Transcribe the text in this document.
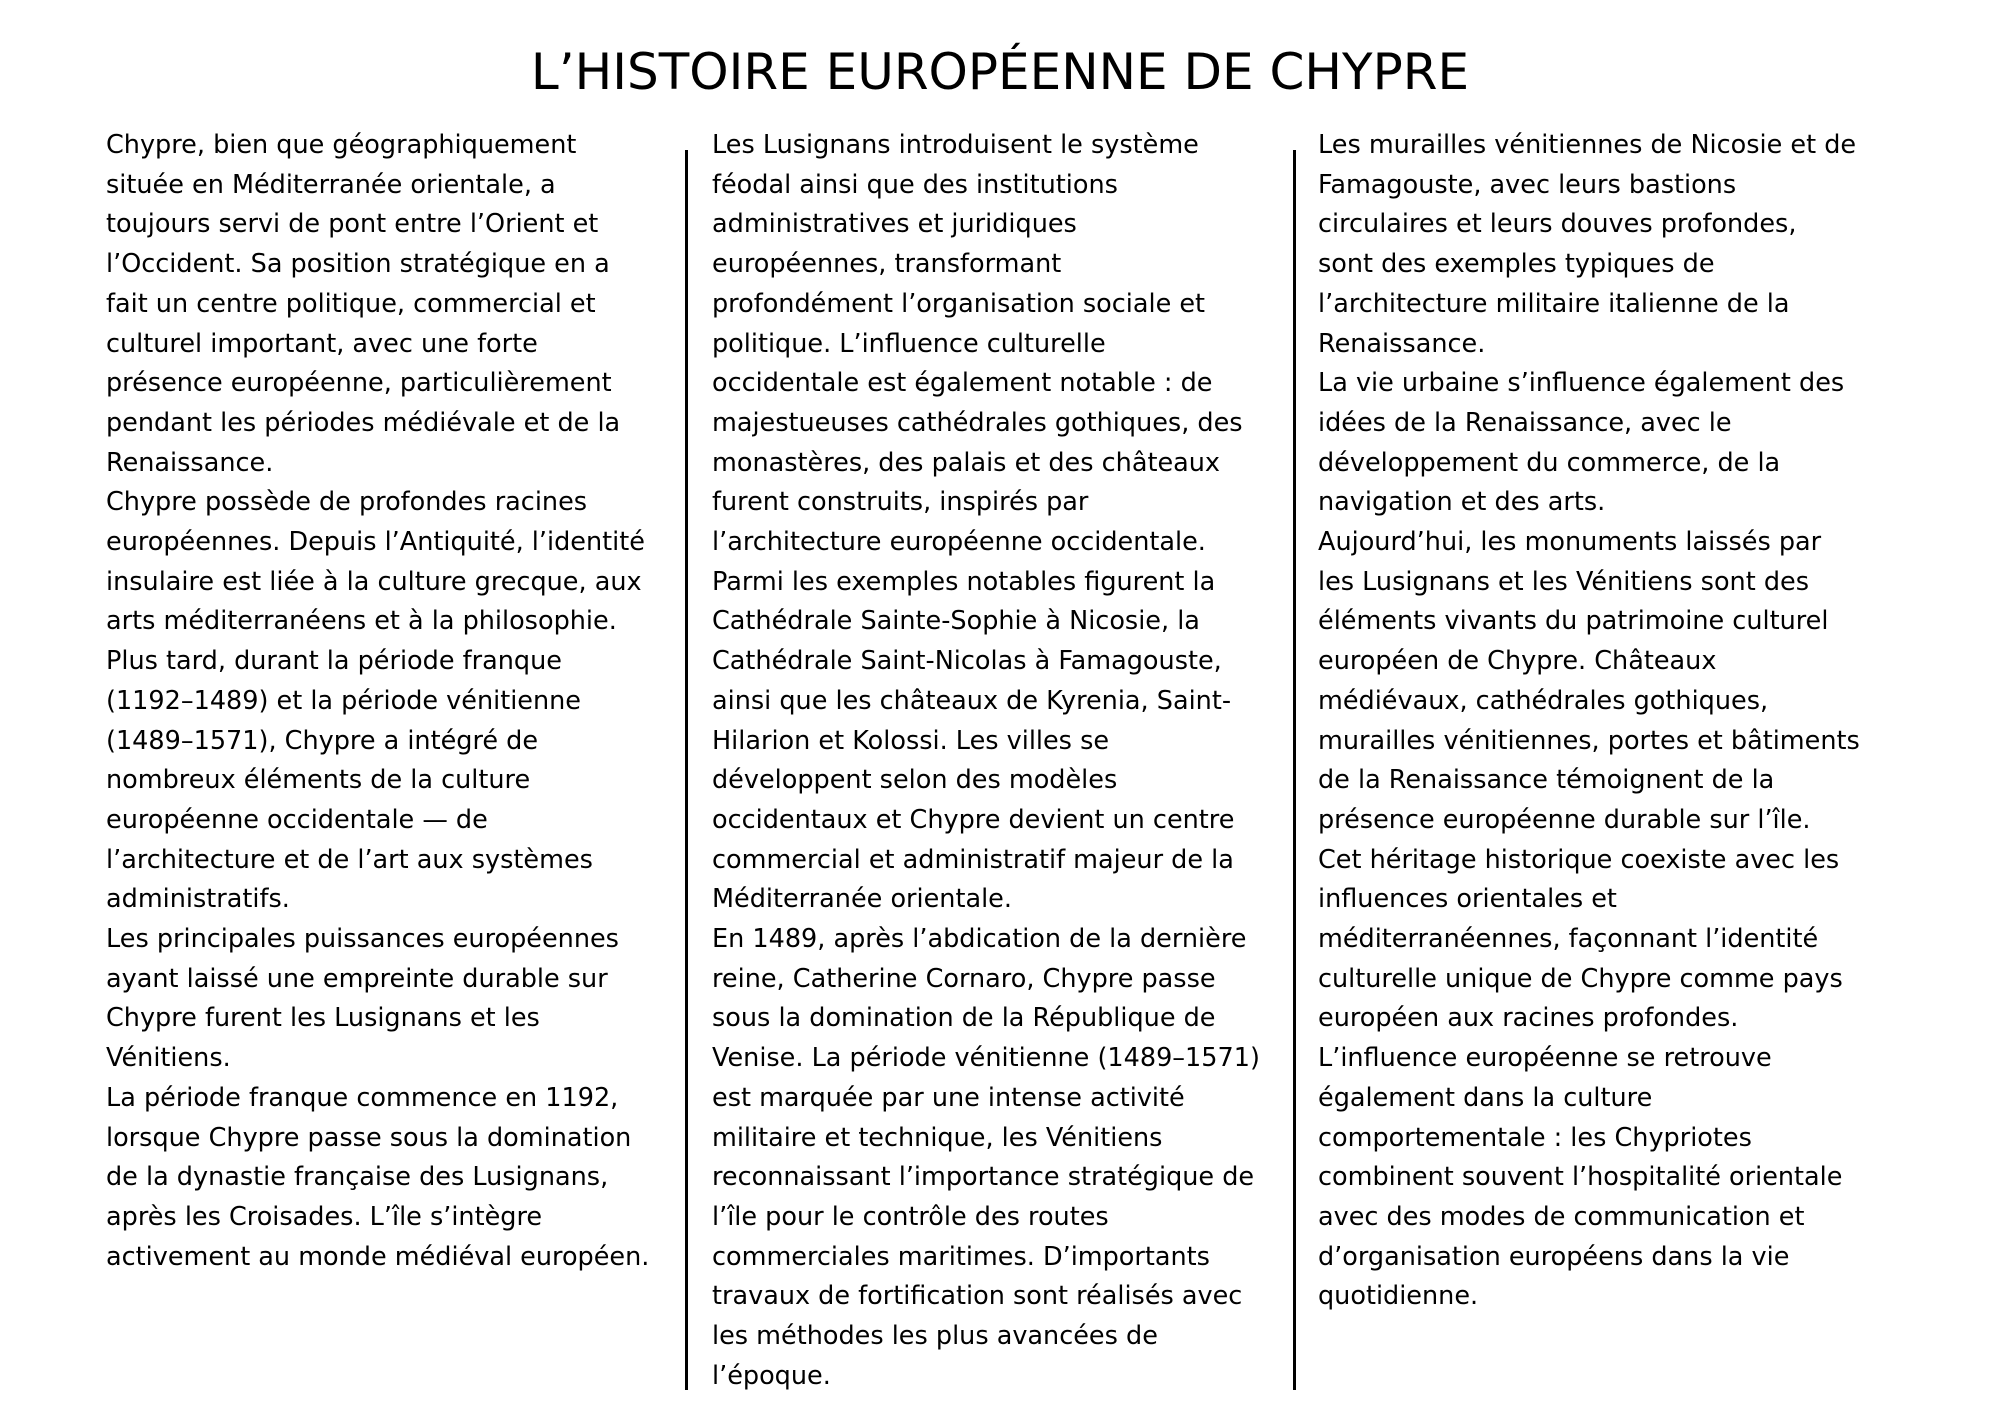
L’HISTOIRE EUROPÉENNE DE CHYPRE
Chypre, bien que géographiquement
située en Méditerranée orientale, a
toujours servi de pont entre l’Orient et
l’Occident. Sa position stratégique en a
fait un centre politique, commercial et
culturel important, avec une forte
présence européenne, particulièrement
pendant les périodes médiévale et de la
Renaissance.
Chypre possède de profondes racines
européennes. Depuis l’Antiquité, l’identité
insulaire est liée à la culture grecque, aux
arts méditerranéens et à la philosophie.
Plus tard, durant la période franque
(1192–1489) et la période vénitienne
(1489–1571), Chypre a intégré de
nombreux éléments de la culture
européenne occidentale — de
l’architecture et de l’art aux systèmes
administratifs.
Les principales puissances européennes
ayant laissé une empreinte durable sur
Chypre furent les Lusignans et les
Vénitiens.
La période franque commence en 1192,
lorsque Chypre passe sous la domination
de la dynastie française des Lusignans,
après les Croisades. L’île s’intègre
activement au monde médiéval européen.
Les Lusignans introduisent le système
féodal ainsi que des institutions
administratives et juridiques
européennes, transformant
profondément l’organisation sociale et
politique. L’influence culturelle
occidentale est également notable : de
majestueuses cathédrales gothiques, des
monastères, des palais et des châteaux
furent construits, inspirés par
l’architecture européenne occidentale.
Parmi les exemples notables figurent la
Cathédrale Sainte-Sophie à Nicosie, la
Cathédrale Saint-Nicolas à Famagouste,
ainsi que les châteaux de Kyrenia, Saint-
Hilarion et Kolossi. Les villes se
développent selon des modèles
occidentaux et Chypre devient un centre
commercial et administratif majeur de la
Méditerranée orientale.
En 1489, après l’abdication de la dernière
reine, Catherine Cornaro, Chypre passe
sous la domination de la République de
Venise. La période vénitienne (1489–1571)
est marquée par une intense activité
militaire et technique, les Vénitiens
reconnaissant l’importance stratégique de
l’île pour le contrôle des routes
commerciales maritimes. D’importants
travaux de fortification sont réalisés avec
les méthodes les plus avancées de
l’époque.
Les murailles vénitiennes de Nicosie et de
Famagouste, avec leurs bastions
circulaires et leurs douves profondes,
sont des exemples typiques de
l’architecture militaire italienne de la
Renaissance.
La vie urbaine s’influence également des
idées de la Renaissance, avec le
développement du commerce, de la
navigation et des arts.
Aujourd’hui, les monuments laissés par
les Lusignans et les Vénitiens sont des
éléments vivants du patrimoine culturel
européen de Chypre. Châteaux
médiévaux, cathédrales gothiques,
murailles vénitiennes, portes et bâtiments
de la Renaissance témoignent de la
présence européenne durable sur l’île.
Cet héritage historique coexiste avec les
influences orientales et
méditerranéennes, façonnant l’identité
culturelle unique de Chypre comme pays
européen aux racines profondes.
L’influence européenne se retrouve
également dans la culture
comportementale : les Chypriotes
combinent souvent l’hospitalité orientale
avec des modes de communication et
d’organisation européens dans la vie
quotidienne.
